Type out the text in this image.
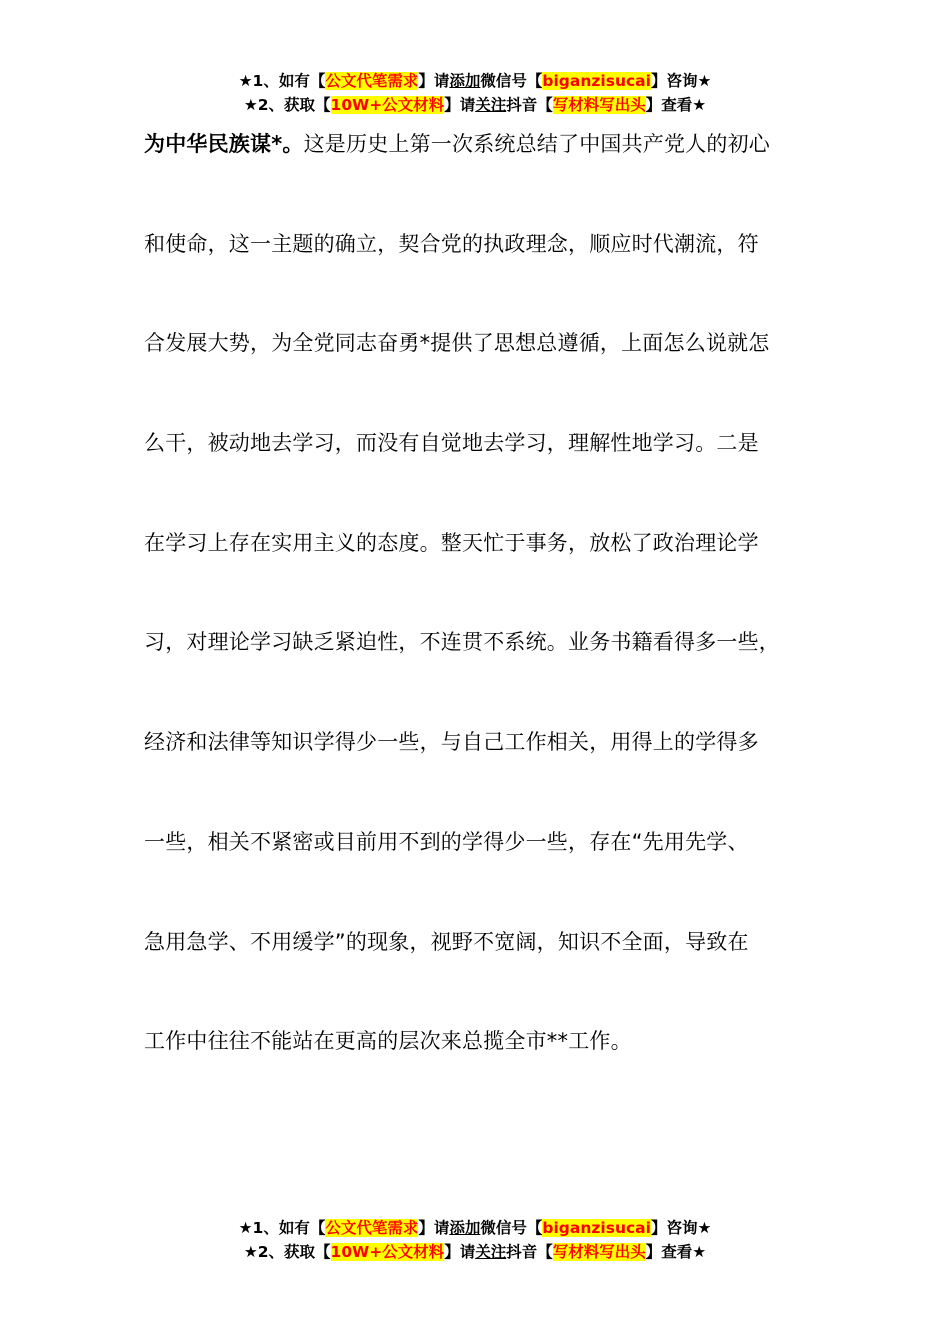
★1、如有【公文代笔需求】请添加微信号【biganzisucai】咨询★
★2、获取【10W+公文材料】请关注抖音【写材料写出头】查看★
为中华民族谋*。这是历史上第一次系统总结了中国共产党人的初心
和使命，这一主题的确立，契合党的执政理念，顺应时代潮流，符
合发展大势，为全党同志奋勇*提供了思想总遵循，上面怎么说就怎
么干，被动地去学习，而没有自觉地去学习，理解性地学习。二是
在学习上存在实用主义的态度。整天忙于事务，放松了政治理论学
习，对理论学习缺乏紧迫性，不连贯不系统。业务书籍看得多一些，
经济和法律等知识学得少一些，与自己工作相关，用得上的学得多
一些，相关不紧密或目前用不到的学得少一些，存在“先用先学、
急用急学、不用缓学”的现象，视野不宽阔，知识不全面，导致在
工作中往往不能站在更高的层次来总揽全市**工作。
★1、如有【公文代笔需求】请添加微信号【biganzisucai】咨询★
★2、获取【10W+公文材料】请关注抖音【写材料写出头】查看★
